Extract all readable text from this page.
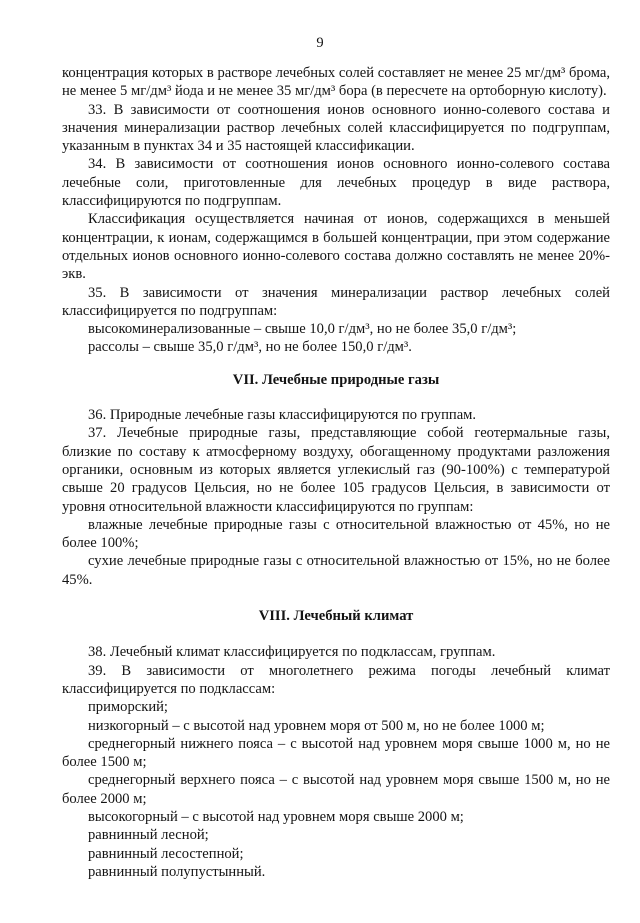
9

концентрация которых в растворе лечебных солей составляет не менее 25 мг/дм³ брома, не менее 5 мг/дм³ йода и не менее 35 мг/дм³ бора (в пересчете на ортоборную кислоту).

33. В зависимости от соотношения ионов основного ионно-солевого состава и значения минерализации раствор лечебных солей классифицируется по подгруппам, указанным в пунктах 34 и 35 настоящей классификации.

34. В зависимости от соотношения ионов основного ионно-солевого состава лечебные соли, приготовленные для лечебных процедур в виде раствора, классифицируются по подгруппам.

Классификация осуществляется начиная от ионов, содержащихся в меньшей концентрации, к ионам, содержащимся в большей концентрации, при этом содержание отдельных ионов основного ионно-солевого состава должно составлять не менее 20%-экв.

35. В зависимости от значения минерализации раствор лечебных солей классифицируется по подгруппам:

высокоминерализованные – свыше 10,0 г/дм³, но не более 35,0 г/дм³;

рассолы – свыше 35,0 г/дм³, но не более 150,0 г/дм³.

VII. Лечебные природные газы

36. Природные лечебные газы классифицируются по группам.

37. Лечебные природные газы, представляющие собой геотермальные газы, близкие по составу к атмосферному воздуху, обогащенному продуктами разложения органики, основным из которых является углекислый газ (90-100%) с температурой свыше 20 градусов Цельсия, но не более 105 градусов Цельсия, в зависимости от уровня относительной влажности классифицируются по группам:

влажные лечебные природные газы с относительной влажностью от 45%, но не более 100%;

сухие лечебные природные газы с относительной влажностью от 15%, но не более 45%.

VIII. Лечебный климат

38. Лечебный климат классифицируется по подклассам, группам.

39. В зависимости от многолетнего режима погоды лечебный климат классифицируется по подклассам:

приморский;

низкогорный – с высотой над уровнем моря от 500 м, но не более 1000 м;

среднегорный нижнего пояса – с высотой над уровнем моря свыше 1000 м, но не более 1500 м;

среднегорный верхнего пояса – с высотой над уровнем моря свыше 1500 м, но не более 2000 м;

высокогорный – с высотой над уровнем моря свыше 2000 м;

равнинный лесной;

равнинный лесостепной;

равнинный полупустынный.
